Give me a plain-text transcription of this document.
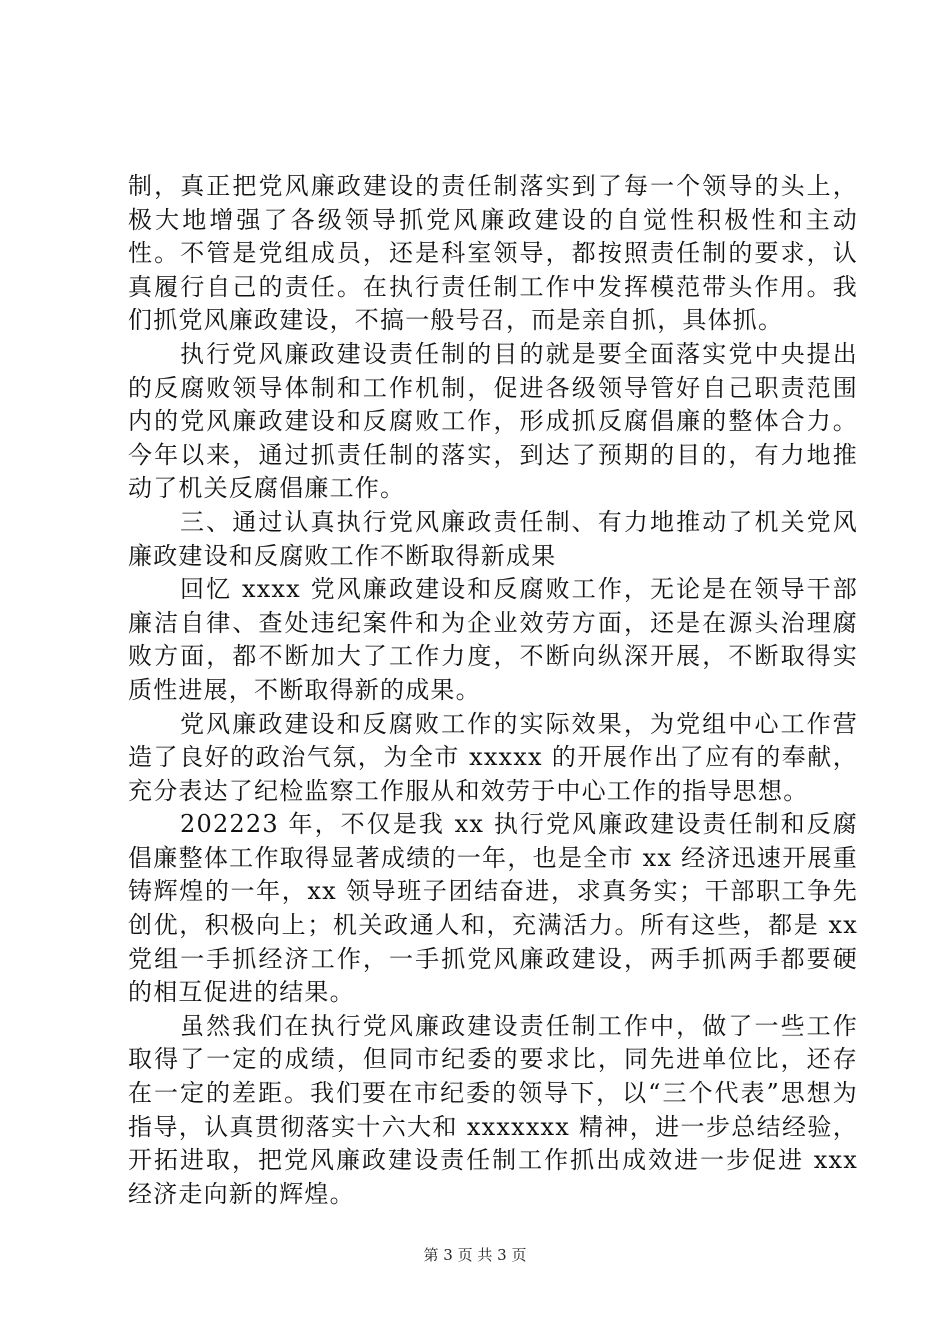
制，真正把党风廉政建设的责任制落实到了每一个领导的头上，极大地增强了各级领导抓党风廉政建设的自觉性积极性和主动性。不管是党组成员，还是科室领导，都按照责任制的要求，认真履行自己的责任。在执行责任制工作中发挥模范带头作用。我们抓党风廉政建设，不搞一般号召，而是亲自抓，具体抓。

执行党风廉政建设责任制的目的就是要全面落实党中央提出的反腐败领导体制和工作机制，促进各级领导管好自己职责范围内的党风廉政建设和反腐败工作，形成抓反腐倡廉的整体合力。今年以来，通过抓责任制的落实，到达了预期的目的，有力地推动了机关反腐倡廉工作。

三、通过认真执行党风廉政责任制、有力地推动了机关党风廉政建设和反腐败工作不断取得新成果

回忆 xxxx 党风廉政建设和反腐败工作，无论是在领导干部廉洁自律、查处违纪案件和为企业效劳方面，还是在源头治理腐败方面，都不断加大了工作力度，不断向纵深开展，不断取得实质性进展，不断取得新的成果。

党风廉政建设和反腐败工作的实际效果，为党组中心工作营造了良好的政治气氛，为全市 xxxxx 的开展作出了应有的奉献，充分表达了纪检监察工作服从和效劳于中心工作的指导思想。

202223 年，不仅是我 xx 执行党风廉政建设责任制和反腐倡廉整体工作取得显著成绩的一年，也是全市 xx 经济迅速开展重铸辉煌的一年，xx 领导班子团结奋进，求真务实；干部职工争先创优，积极向上；机关政通人和，充满活力。所有这些，都是 xx 党组一手抓经济工作，一手抓党风廉政建设，两手抓两手都要硬的相互促进的结果。

虽然我们在执行党风廉政建设责任制工作中，做了一些工作取得了一定的成绩，但同市纪委的要求比，同先进单位比，还存在一定的差距。我们要在市纪委的领导下，以“三个代表”思想为指导，认真贯彻落实十六大和 xxxxxxx 精神，进一步总结经验，开拓进取，把党风廉政建设责任制工作抓出成效进一步促进 xxx 经济走向新的辉煌。

第 3 页 共 3 页
